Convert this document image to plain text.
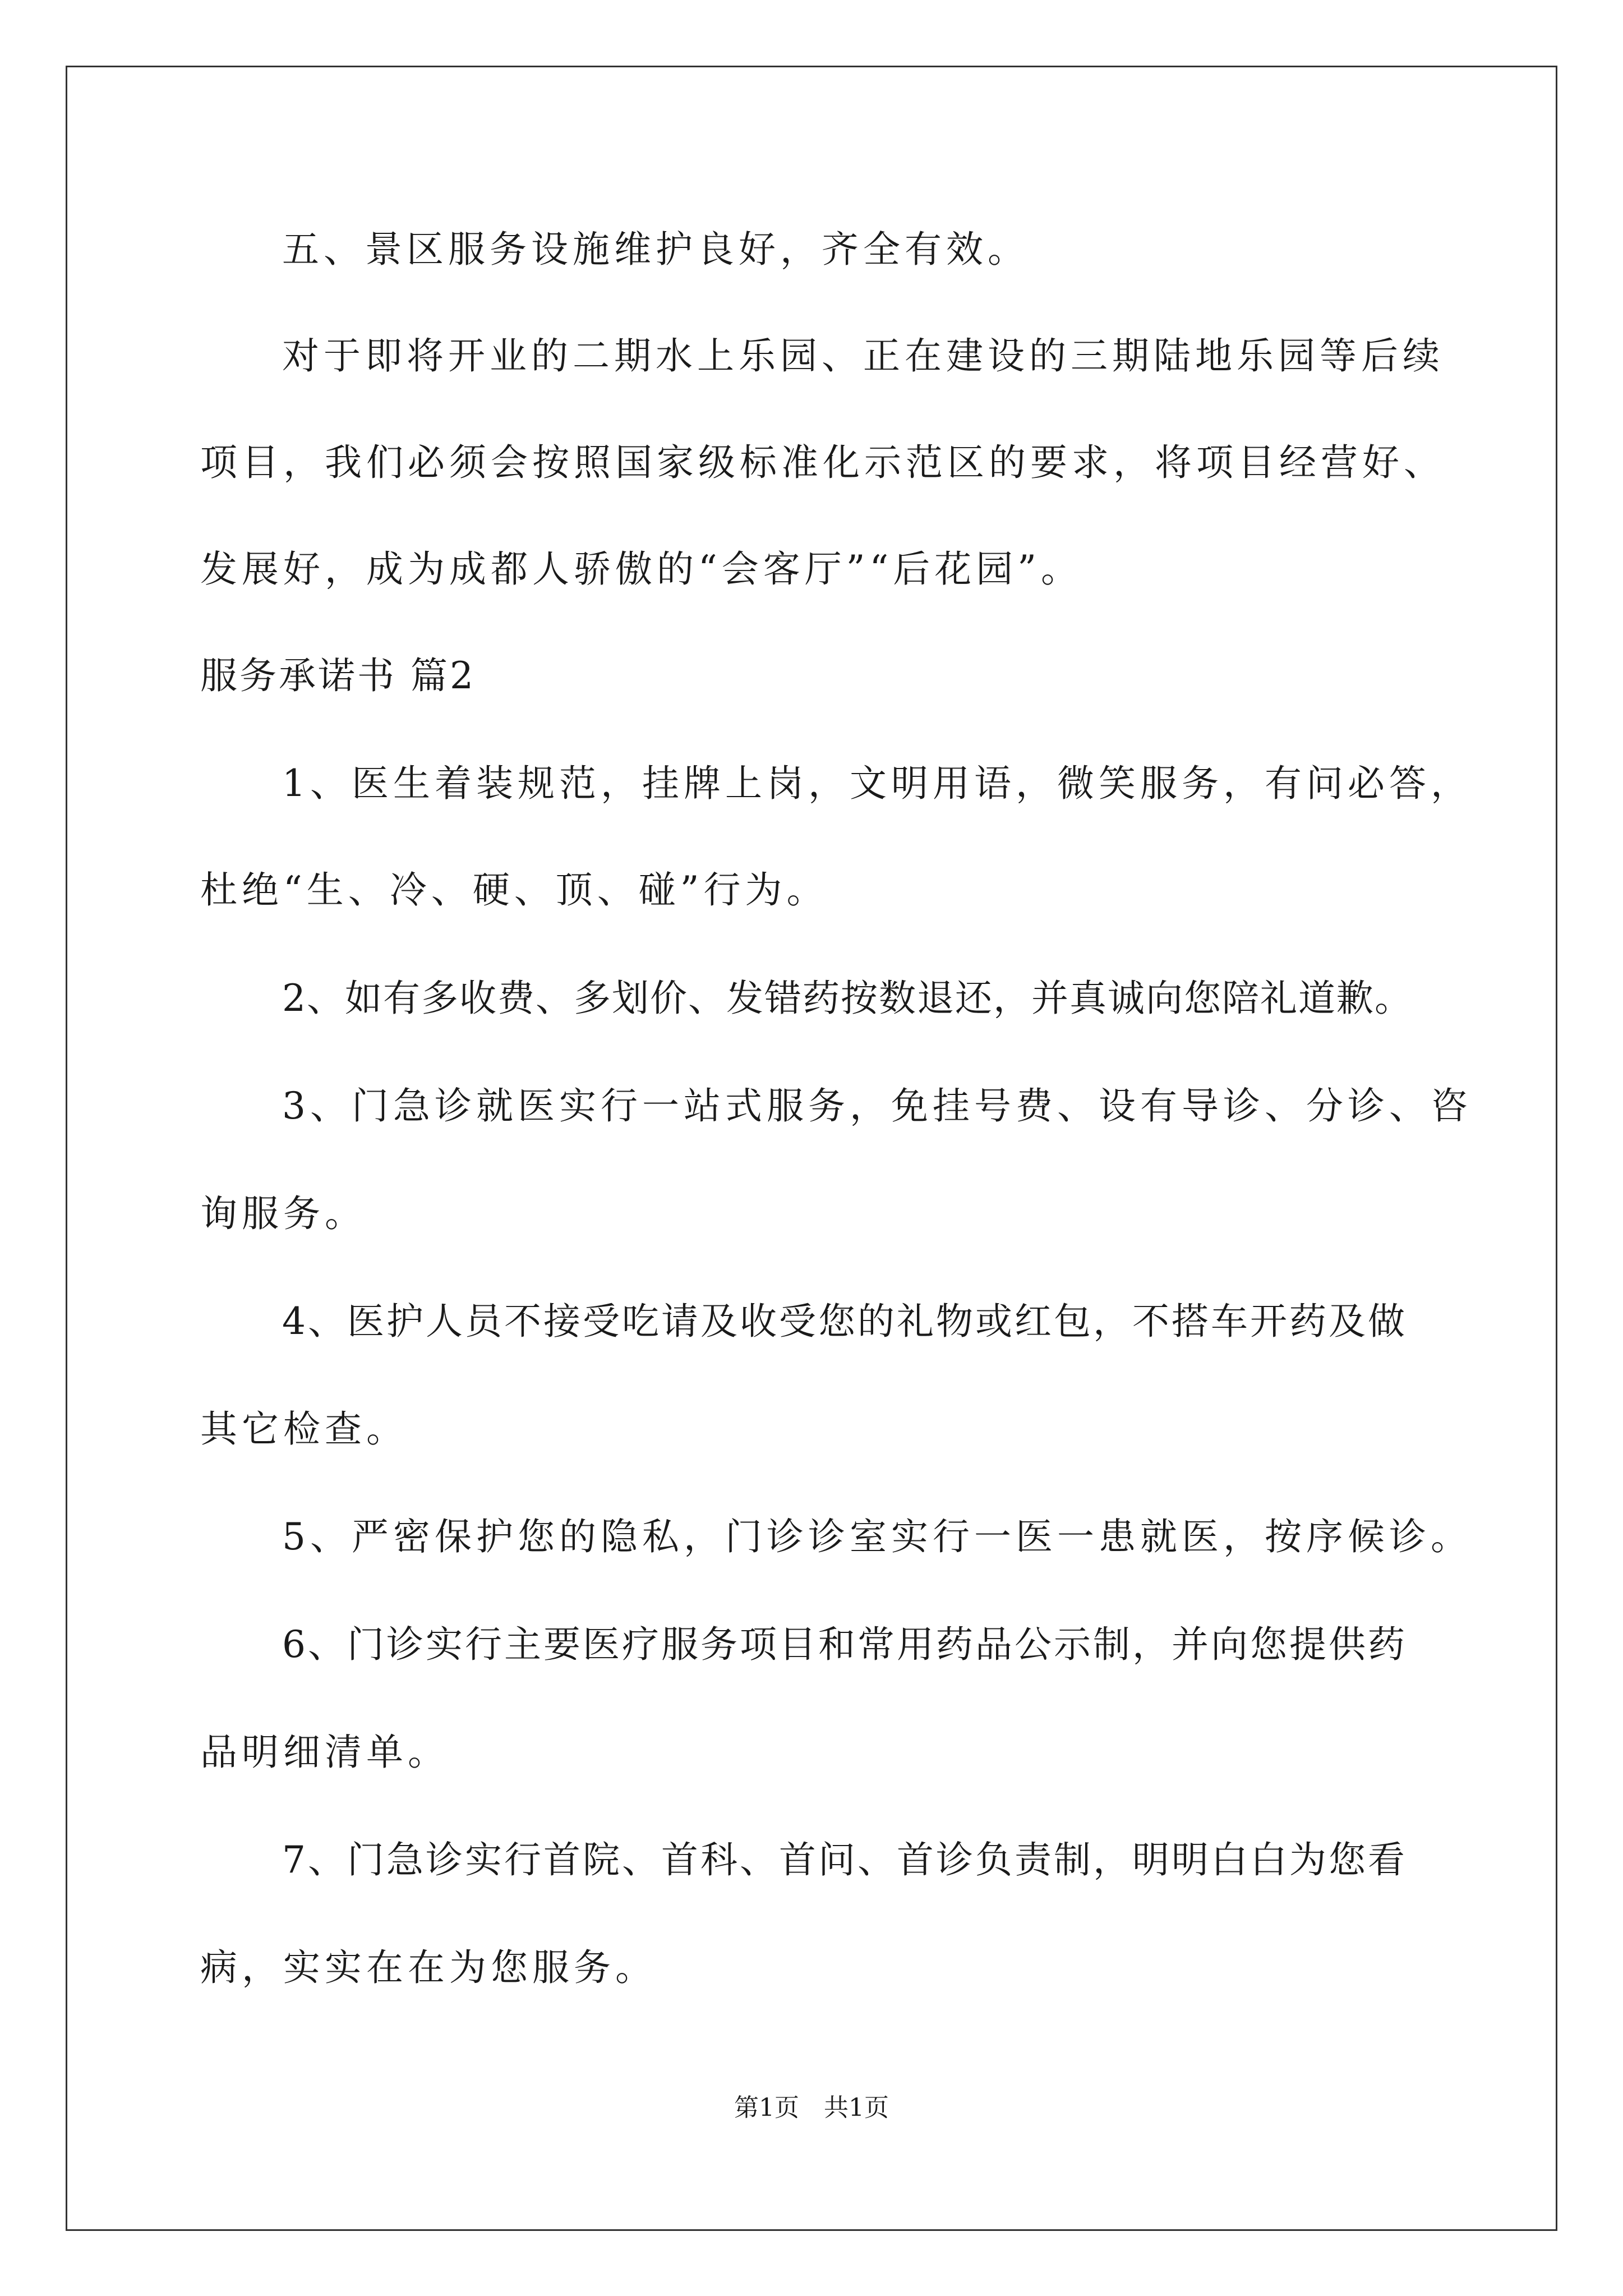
五、景区服务设施维护良好，齐全有效。
对于即将开业的二期水上乐园、正在建设的三期陆地乐园等后续
项目，我们必须会按照国家级标准化示范区的要求，将项目经营好、
发展好，成为成都人骄傲的“会客厅”“后花园”。
服务承诺书 篇2
1、医生着装规范，挂牌上岗，文明用语，微笑服务，有问必答，
杜绝“生、冷、硬、顶、碰”行为。
2、如有多收费、多划价、发错药按数退还，并真诚向您陪礼道歉。
3、门急诊就医实行一站式服务，免挂号费、设有导诊、分诊、咨
询服务。
4、医护人员不接受吃请及收受您的礼物或红包，不搭车开药及做
其它检查。
5、严密保护您的隐私，门诊诊室实行一医一患就医，按序候诊。
6、门诊实行主要医疗服务项目和常用药品公示制，并向您提供药
品明细清单。
7、门急诊实行首院、首科、首问、首诊负责制，明明白白为您看
病，实实在在为您服务。
第1页　共1页
